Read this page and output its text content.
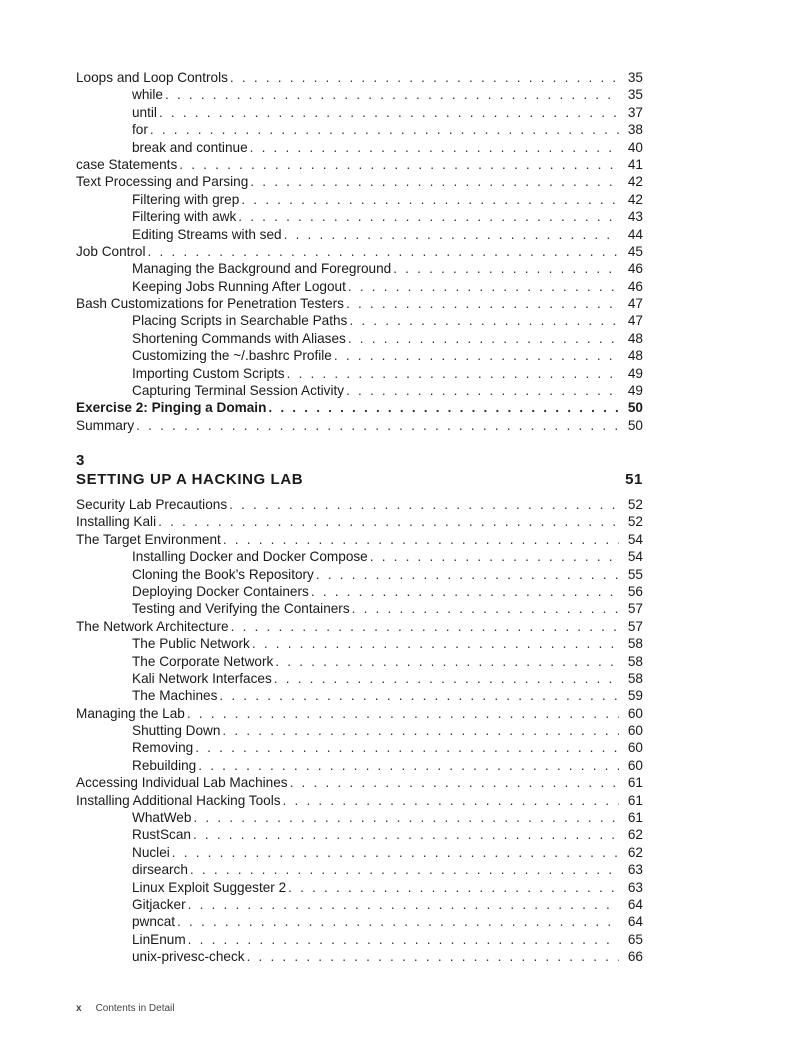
Loops and Loop Controls . . .	35
while . . .	35
until . . .	37
for . . .	38
break and continue . . .	40
case Statements . . .	41
Text Processing and Parsing . . .	42
Filtering with grep . . .	42
Filtering with awk . . .	43
Editing Streams with sed . . .	44
Job Control . . .	45
Managing the Background and Foreground . . .	46
Keeping Jobs Running After Logout . . .	46
Bash Customizations for Penetration Testers . . .	47
Placing Scripts in Searchable Paths . . .	47
Shortening Commands with Aliases . . .	48
Customizing the ~/.bashrc Profile . . .	48
Importing Custom Scripts . . .	49
Capturing Terminal Session Activity . . .	49
Exercise 2: Pinging a Domain . . .	50
Summary . . .	50
3
SETTING UP A HACKING LAB	51
Security Lab Precautions . . .	52
Installing Kali . . .	52
The Target Environment . . .	54
Installing Docker and Docker Compose . . .	54
Cloning the Book’s Repository . . .	55
Deploying Docker Containers . . .	56
Testing and Verifying the Containers . . .	57
The Network Architecture . . .	57
The Public Network . . .	58
The Corporate Network . . .	58
Kali Network Interfaces . . .	58
The Machines . . .	59
Managing the Lab . . .	60
Shutting Down . . .	60
Removing . . .	60
Rebuilding . . .	60
Accessing Individual Lab Machines . . .	61
Installing Additional Hacking Tools . . .	61
WhatWeb . . .	61
RustScan . . .	62
Nuclei . . .	62
dirsearch . . .	63
Linux Exploit Suggester 2 . . .	63
Gitjacker . . .	64
pwncat . . .	64
LinEnum . . .	65
unix-privesc-check . . .	66
x Contents in Detail
